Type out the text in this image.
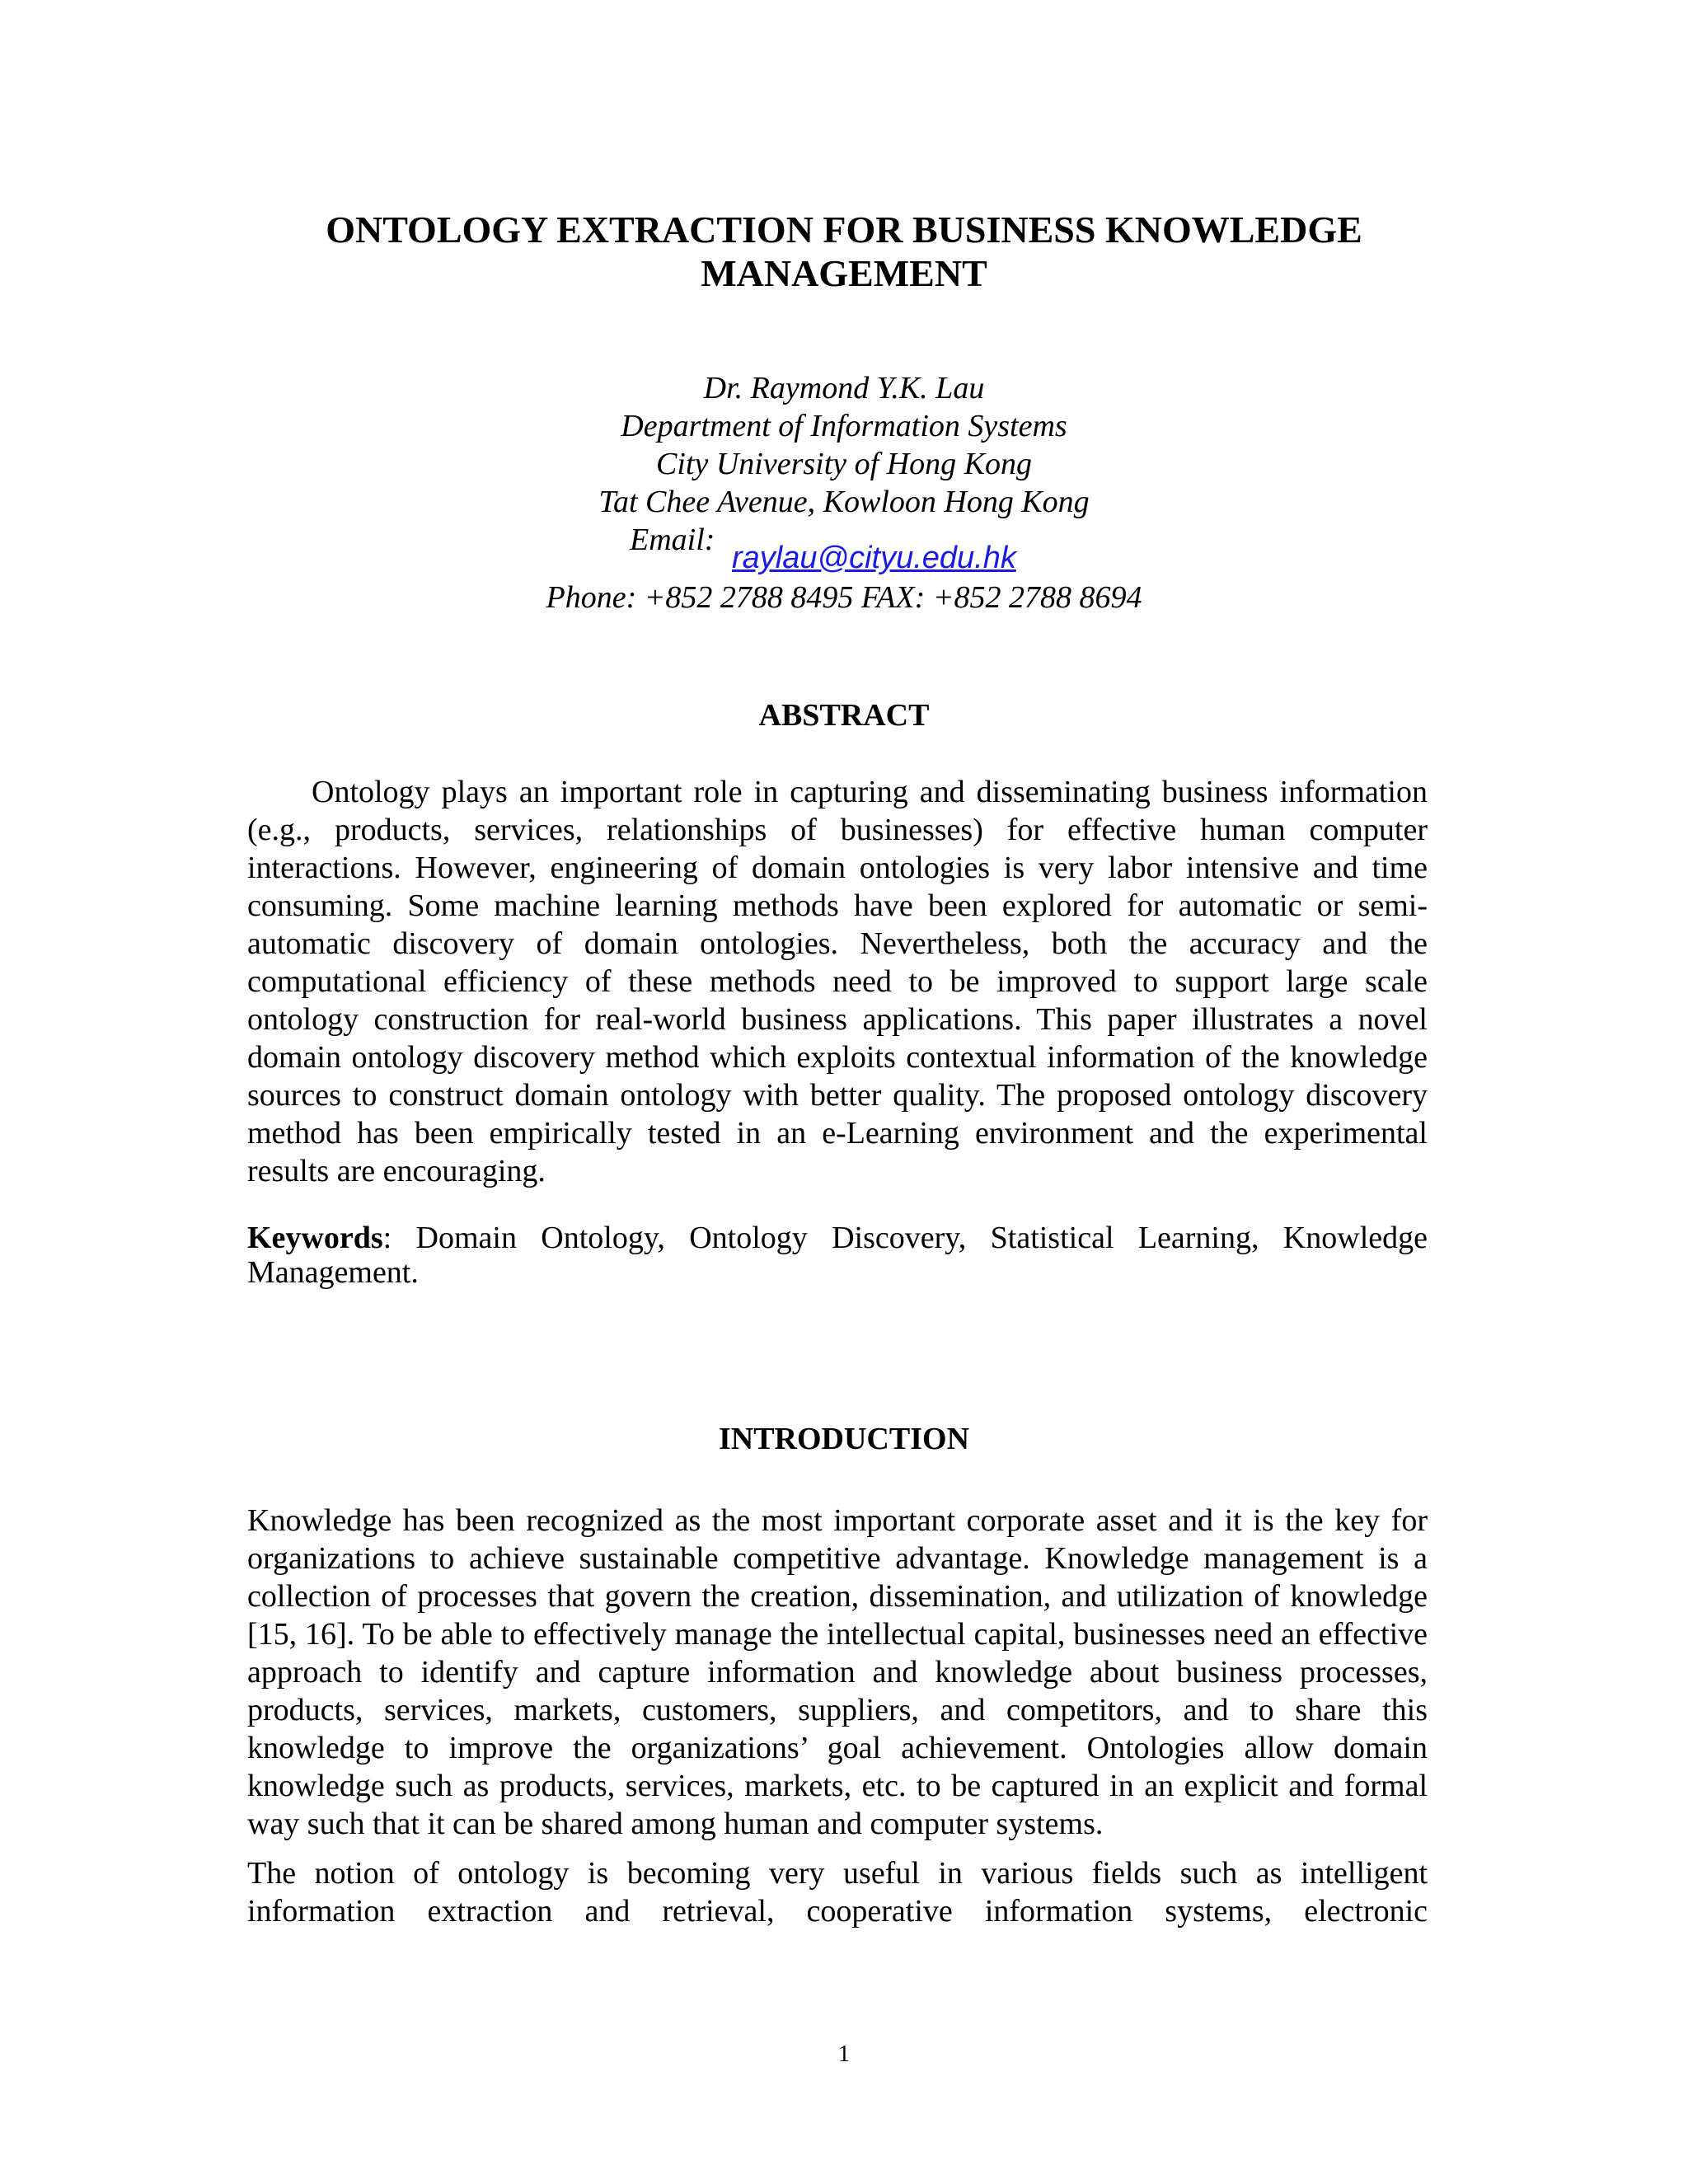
ONTOLOGY EXTRACTION FOR BUSINESS KNOWLEDGE
MANAGEMENT
Dr. Raymond Y.K. Lau
Department of Information Systems
City University of Hong Kong
Tat Chee Avenue, Kowloon Hong Kong
Email:
raylau@cityu.edu.hk
Phone: +852 2788 8495 FAX: +852 2788 8694
ABSTRACT

Ontology plays an important role in capturing and disseminating business information (e.g., products, services, relationships of businesses) for effective human computer interactions. However, engineering of domain ontologies is very labor intensive and time consuming. Some machine learning methods have been explored for automatic or semi-automatic discovery of domain ontologies. Nevertheless, both the accuracy and the computational efficiency of these methods need to be improved to support large scale ontology construction for real-world business applications. This paper illustrates a novel domain ontology discovery method which exploits contextual information of the knowledge sources to construct domain ontology with better quality. The proposed ontology discovery method has been empirically tested in an e-Learning environment and the experimental results are encouraging.

Keywords: Domain Ontology, Ontology Discovery, Statistical Learning, Knowledge Management.

INTRODUCTION

Knowledge has been recognized as the most important corporate asset and it is the key for organizations to achieve sustainable competitive advantage. Knowledge management is a collection of processes that govern the creation, dissemination, and utilization of knowledge [15, 16]. To be able to effectively manage the intellectual capital, businesses need an effective approach to identify and capture information and knowledge about business processes, products, services, markets, customers, suppliers, and competitors, and to share this knowledge to improve the organizations’ goal achievement. Ontologies allow domain knowledge such as products, services, markets, etc. to be captured in an explicit and formal way such that it can be shared among human and computer systems.

The notion of ontology is becoming very useful in various fields such as intelligent information extraction and retrieval, cooperative information systems, electronic

1
